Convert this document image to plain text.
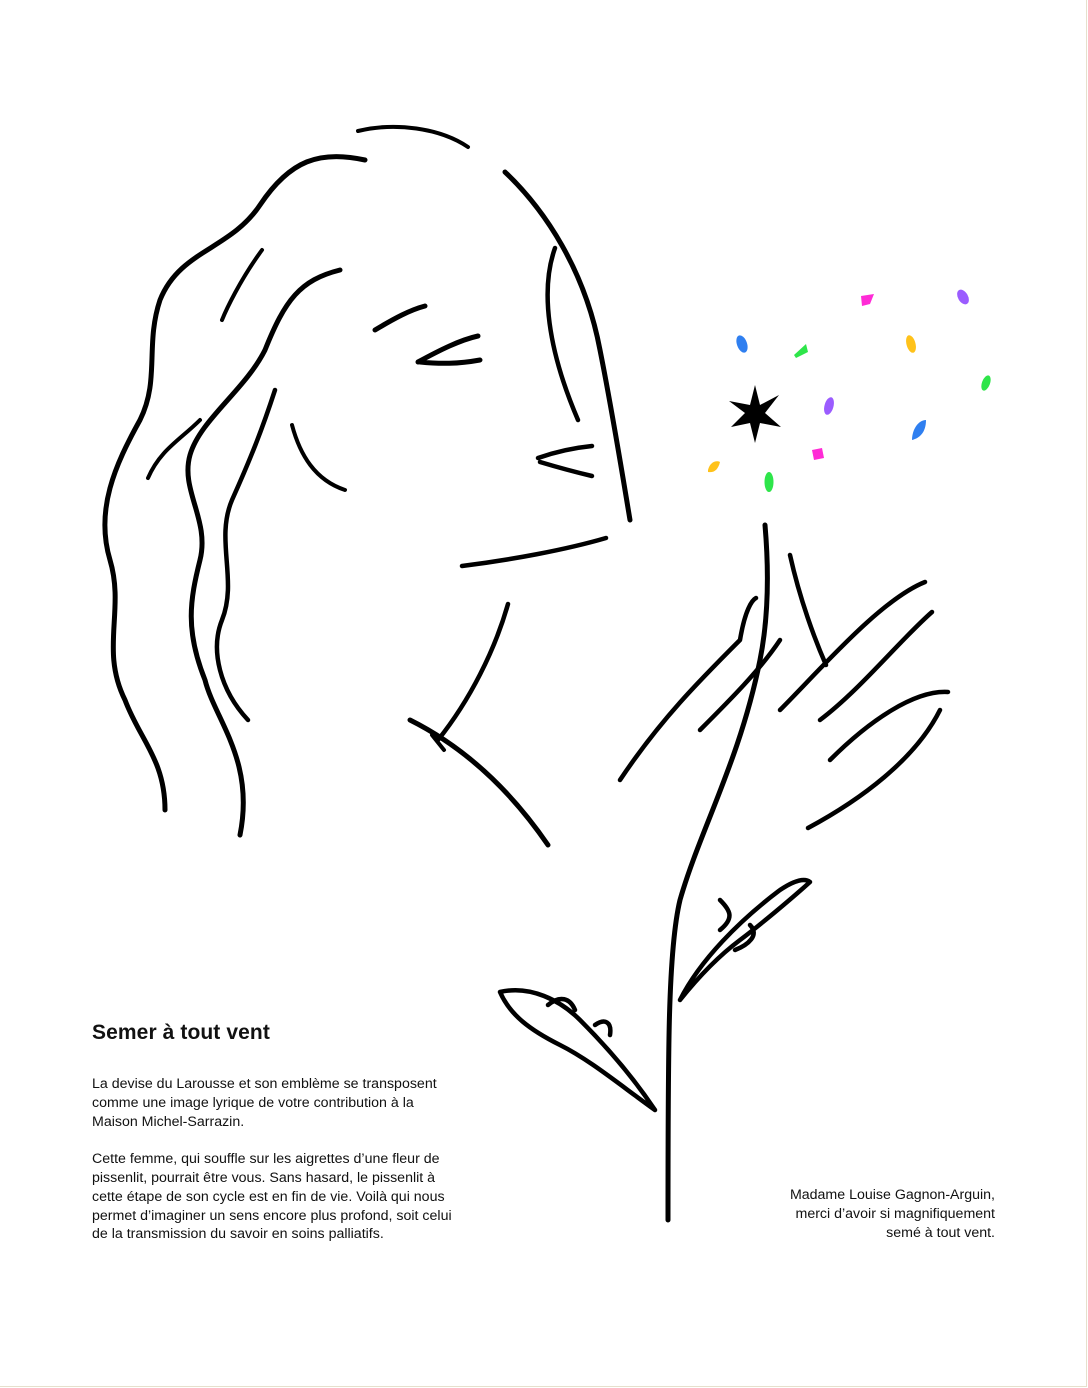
Semer à tout vent

La devise du Larousse et son emblème se transposent
comme une image lyrique de votre contribution à la
Maison Michel-Sarrazin.

Cette femme, qui souffle sur les aigrettes d’une fleur de
pissenlit, pourrait être vous. Sans hasard, le pissenlit à
cette étape de son cycle est en fin de vie. Voilà qui nous
permet d’imaginer un sens encore plus profond, soit celui
de la transmission du savoir en soins palliatifs.

Madame Louise Gagnon-Arguin,
merci d’avoir si magnifiquement
semé à tout vent.
